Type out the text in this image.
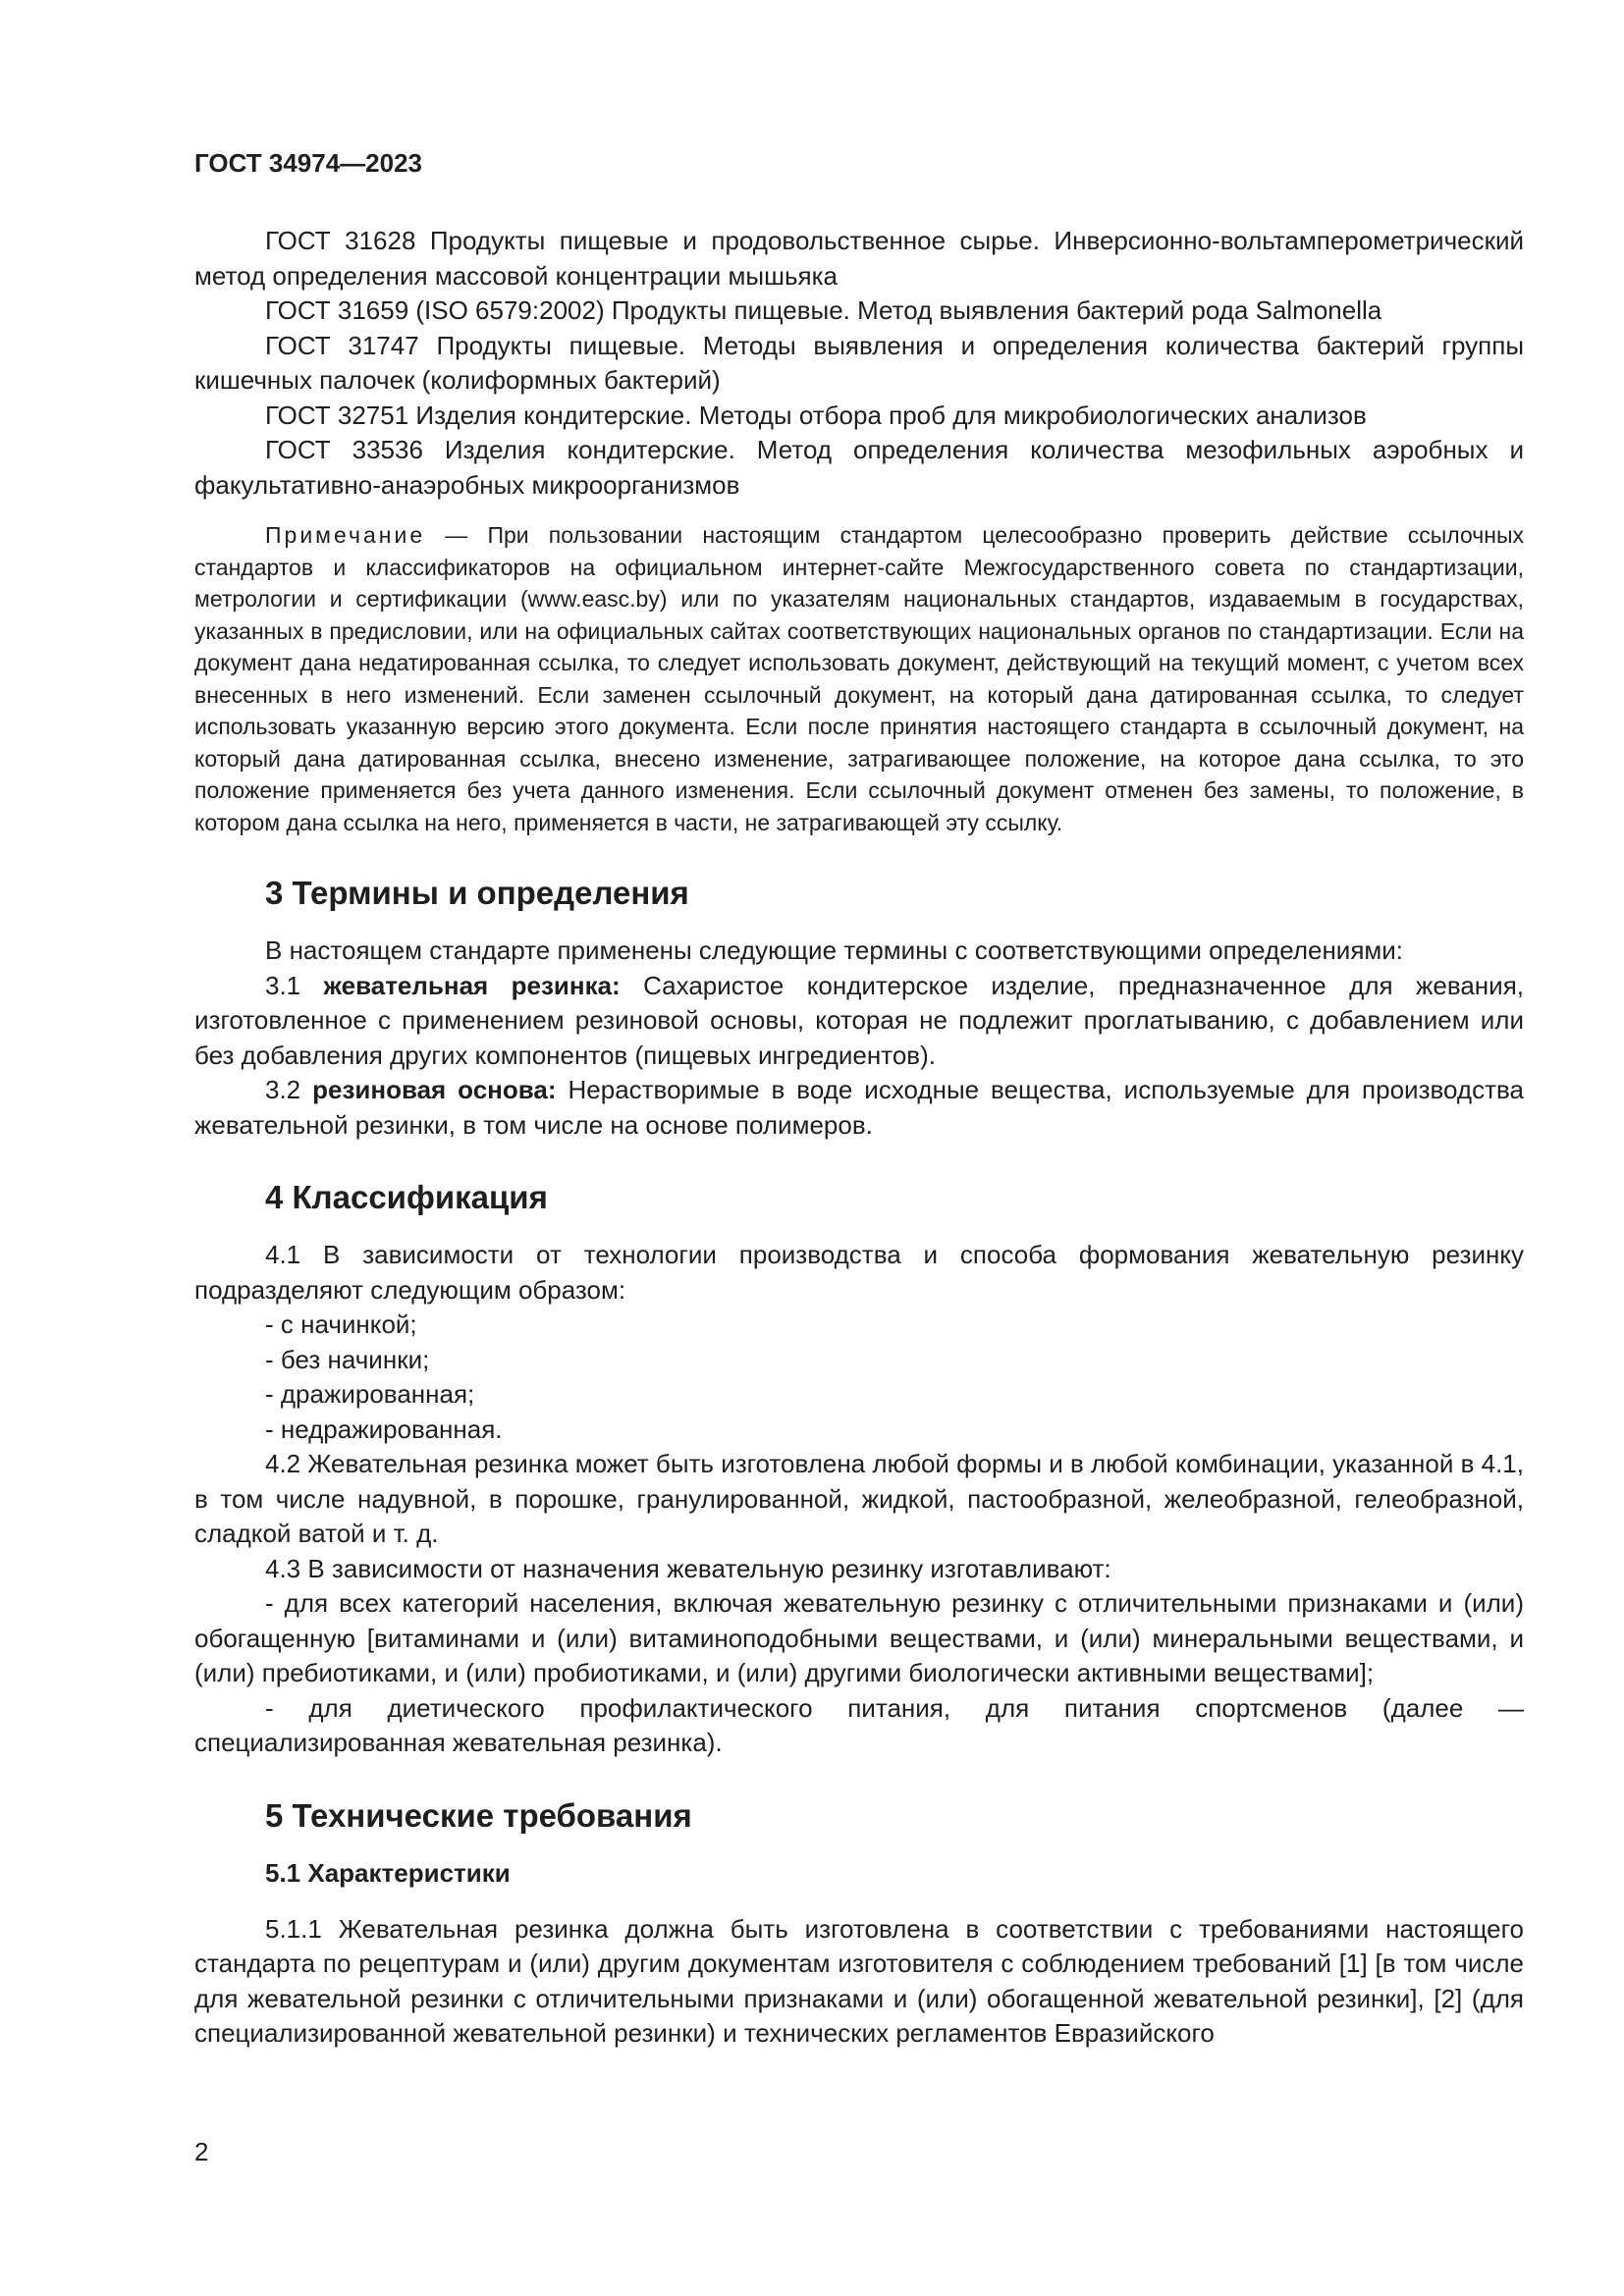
ГОСТ 34974—2023

ГОСТ 31628 Продукты пищевые и продовольственное сырье. Инверсионно-вольтамперометрический метод определения массовой концентрации мышьяка

ГОСТ 31659 (ISO 6579:2002) Продукты пищевые. Метод выявления бактерий рода Salmonella

ГОСТ 31747 Продукты пищевые. Методы выявления и определения количества бактерий группы кишечных палочек (колиформных бактерий)

ГОСТ 32751 Изделия кондитерские. Методы отбора проб для микробиологических анализов

ГОСТ 33536 Изделия кондитерские. Метод определения количества мезофильных аэробных и факультативно-анаэробных микроорганизмов

Примечание — При пользовании настоящим стандартом целесообразно проверить действие ссылочных стандартов и классификаторов на официальном интернет-сайте Межгосударственного совета по стандартизации, метрологии и сертификации (www.easc.by) или по указателям национальных стандартов, издаваемым в государствах, указанных в предисловии, или на официальных сайтах соответствующих национальных органов по стандартизации. Если на документ дана недатированная ссылка, то следует использовать документ, действующий на текущий момент, с учетом всех внесенных в него изменений. Если заменен ссылочный документ, на который дана датированная ссылка, то следует использовать указанную версию этого документа. Если после принятия настоящего стандарта в ссылочный документ, на который дана датированная ссылка, внесено изменение, затрагивающее положение, на которое дана ссылка, то это положение применяется без учета данного изменения. Если ссылочный документ отменен без замены, то положение, в котором дана ссылка на него, применяется в части, не затрагивающей эту ссылку.

3 Термины и определения

В настоящем стандарте применены следующие термины с соответствующими определениями:

3.1 жевательная резинка: Сахаристое кондитерское изделие, предназначенное для жевания, изготовленное с применением резиновой основы, которая не подлежит проглатыванию, с добавлением или без добавления других компонентов (пищевых ингредиентов).

3.2 резиновая основа: Нерастворимые в воде исходные вещества, используемые для производства жевательной резинки, в том числе на основе полимеров.

4 Классификация

4.1 В зависимости от технологии производства и способа формования жевательную резинку подразделяют следующим образом:

- с начинкой;

- без начинки;

- дражированная;

- недражированная.

4.2 Жевательная резинка может быть изготовлена любой формы и в любой комбинации, указанной в 4.1, в том числе надувной, в порошке, гранулированной, жидкой, пастообразной, желеобразной, гелеобразной, сладкой ватой и т. д.

4.3 В зависимости от назначения жевательную резинку изготавливают:

- для всех категорий населения, включая жевательную резинку с отличительными признаками и (или) обогащенную [витаминами и (или) витаминоподобными веществами, и (или) минеральными веществами, и (или) пребиотиками, и (или) пробиотиками, и (или) другими биологически активными веществами];

- для диетического профилактического питания, для питания спортсменов (далее — специализированная жевательная резинка).

5 Технические требования
5.1 Характеристики

5.1.1 Жевательная резинка должна быть изготовлена в соответствии с требованиями настоящего стандарта по рецептурам и (или) другим документам изготовителя с соблюдением требований [1] [в том числе для жевательной резинки с отличительными признаками и (или) обогащенной жевательной резинки], [2] (для специализированной жевательной резинки) и технических регламентов Евразийского

2
